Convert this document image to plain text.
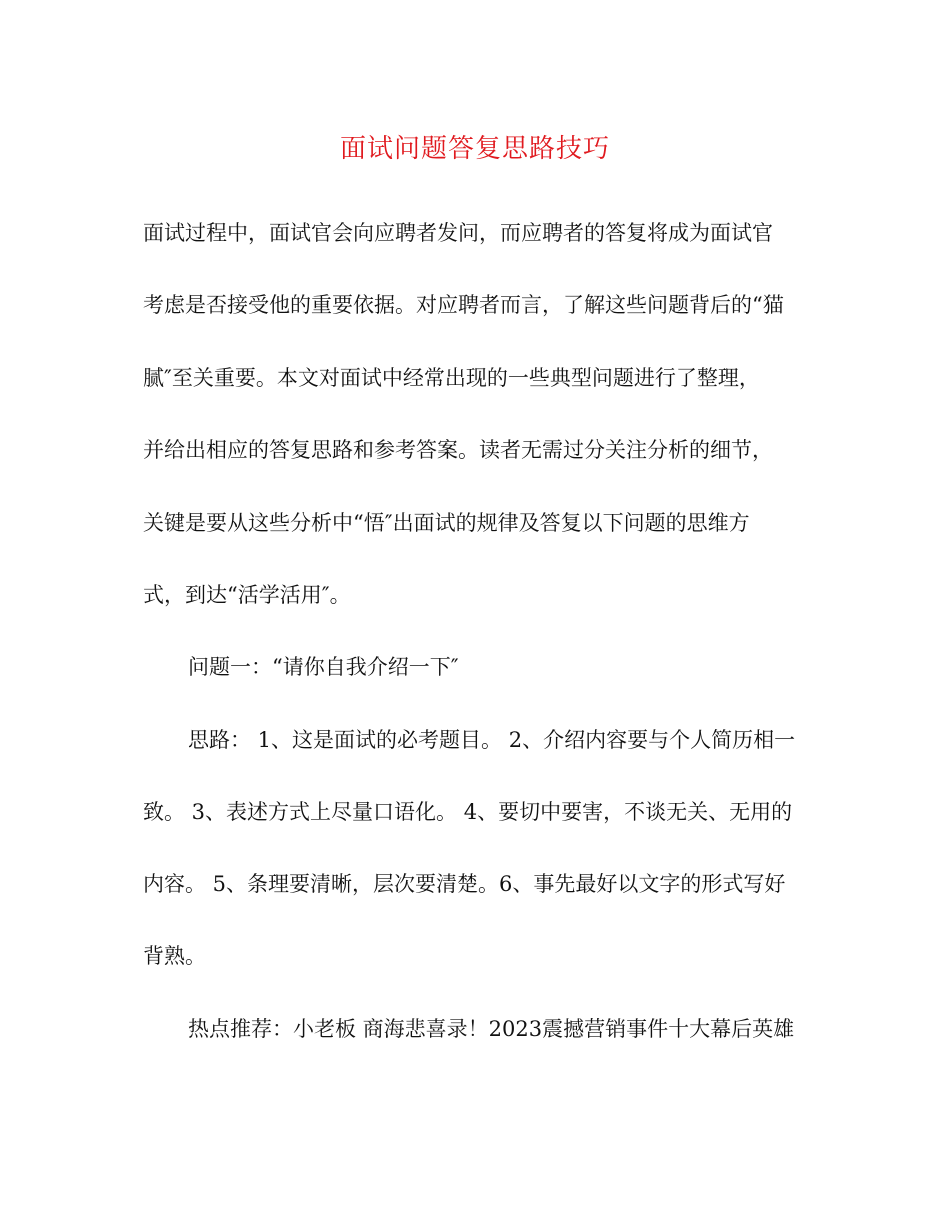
面试问题答复思路技巧
面试过程中，面试官会向应聘者发问，而应聘者的答复将成为面试官
考虑是否接受他的重要依据。对应聘者而言，了解这些问题背后的“猫
腻″至关重要。本文对面试中经常出现的一些典型问题进行了整理，
并给出相应的答复思路和参考答案。读者无需过分关注分析的细节，
关键是要从这些分析中“悟″出面试的规律及答复以下问题的思维方
式，到达“活学活用″。
问题一：“请你自我介绍一下″
思路： 1、这是面试的必考题目。 2、介绍内容要与个人简历相一
致。 3、表述方式上尽量口语化。 4、要切中要害，不谈无关、无用的
内容。 5、条理要清晰，层次要清楚。6、事先最好以文字的形式写好
背熟。
热点推荐：小老板 商海悲喜录！2023震撼营销事件十大幕后英雄
